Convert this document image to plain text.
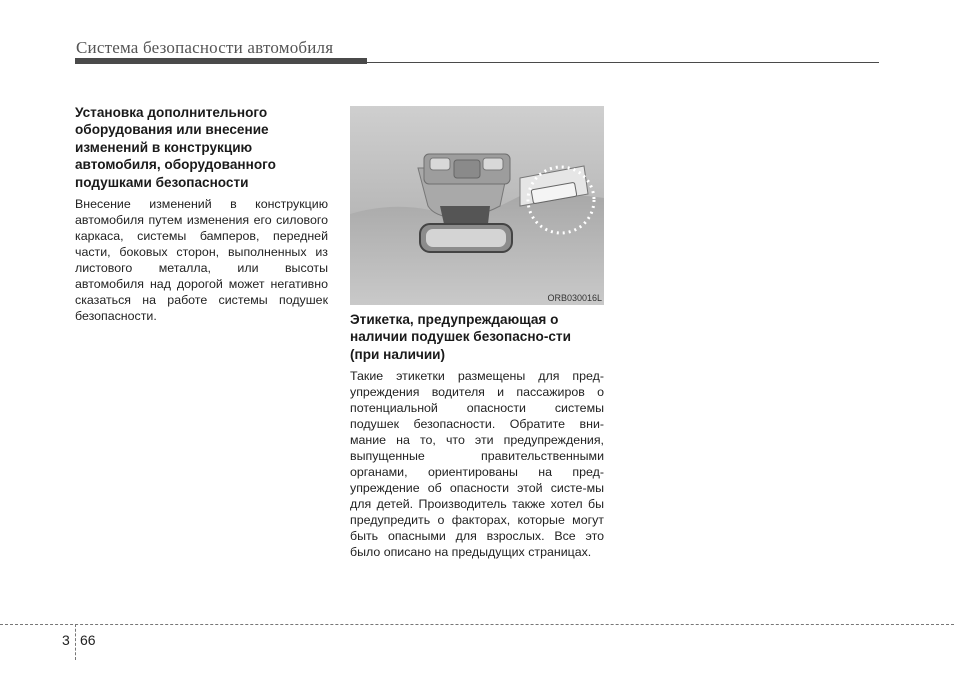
Система безопасности автомобиля
Установка дополнительного оборудования или внесение изменений в конструкцию автомобиля, оборудованного подушками безопасности

Внесение изменений в конструкцию автомобиля путем изменения его силового каркаса, системы бамперов, передней части, боковых сторон, выполненных из листового металла, или высоты автомобиля над дорогой может негативно сказаться на работе системы подушек безопасности.

ORB030016L
Этикетка, предупреждающая о наличии подушек безопасно-сти (при наличии)

Такие этикетки размещены для пред-упреждения водителя и пассажиров о потенциальной опасности системы подушек безопасности. Обратите вни-мание на то, что эти предупреждения, выпущенные правительственными органами, ориентированы на пред-упреждение об опасности этой систе-мы для детей. Производитель также хотел бы предупредить о факторах, которые могут быть опасными для взрослых. Все это было описано на предыдущих страницах.

3 66
